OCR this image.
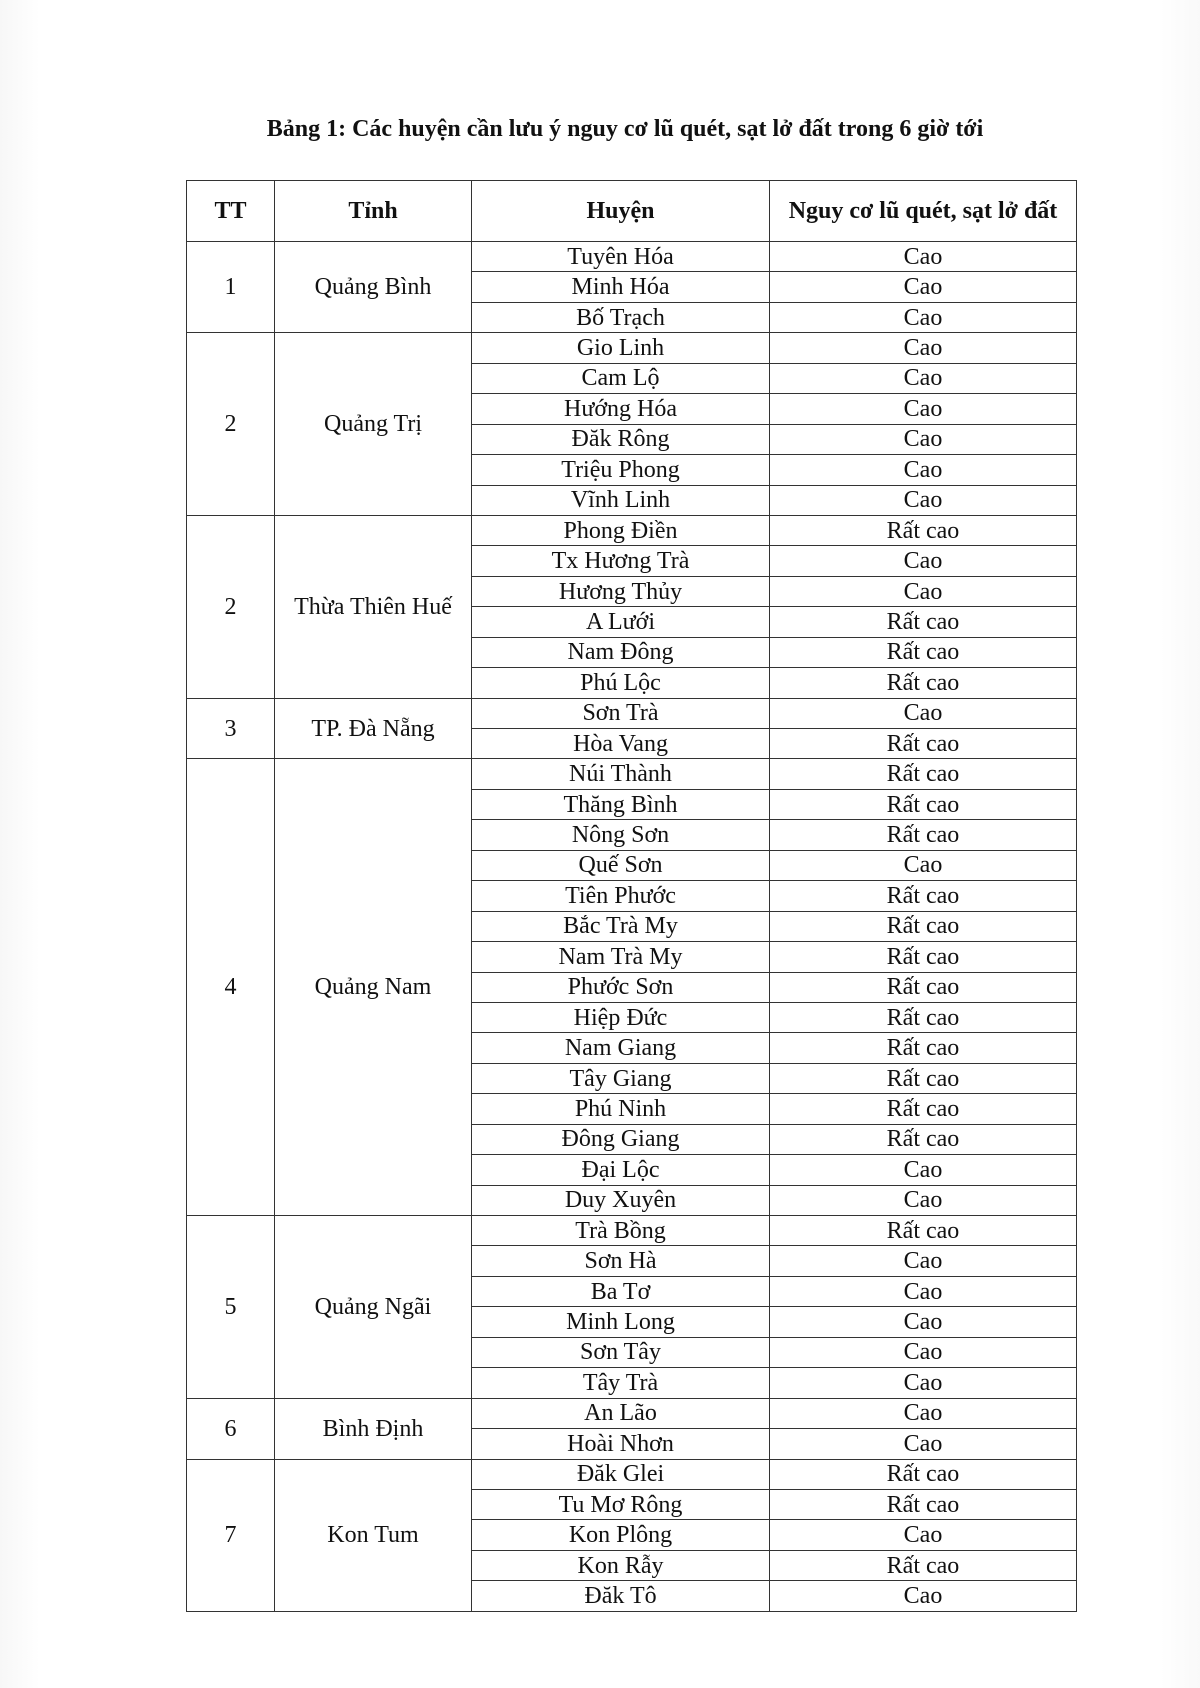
Bảng 1: Các huyện cần lưu ý nguy cơ lũ quét, sạt lở đất trong 6 giờ tới
TT	Tỉnh	Huyện	Nguy cơ lũ quét, sạt lở đất
1	Quảng Bình	Tuyên Hóa	Cao
		Minh Hóa	Cao
		Bố Trạch	Cao
2	Quảng Trị	Gio Linh	Cao
		Cam Lộ	Cao
		Hướng Hóa	Cao
		Đăk Rông	Cao
		Triệu Phong	Cao
		Vĩnh Linh	Cao
2	Thừa Thiên Huế	Phong Điền	Rất cao
		Tx Hương Trà	Cao
		Hương Thủy	Cao
		A Lưới	Rất cao
		Nam Đông	Rất cao
		Phú Lộc	Rất cao
3	TP. Đà Nẵng	Sơn Trà	Cao
		Hòa Vang	Rất cao
4	Quảng Nam	Núi Thành	Rất cao
		Thăng Bình	Rất cao
		Nông Sơn	Rất cao
		Quế Sơn	Cao
		Tiên Phước	Rất cao
		Bắc Trà My	Rất cao
		Nam Trà My	Rất cao
		Phước Sơn	Rất cao
		Hiệp Đức	Rất cao
		Nam Giang	Rất cao
		Tây Giang	Rất cao
		Phú Ninh	Rất cao
		Đông Giang	Rất cao
		Đại Lộc	Cao
		Duy Xuyên	Cao
5	Quảng Ngãi	Trà Bồng	Rất cao
		Sơn Hà	Cao
		Ba Tơ	Cao
		Minh Long	Cao
		Sơn Tây	Cao
		Tây Trà	Cao
6	Bình Định	An Lão	Cao
		Hoài Nhơn	Cao
7	Kon Tum	Đăk Glei	Rất cao
		Tu Mơ Rông	Rất cao
		Kon Plông	Cao
		Kon Rẫy	Rất cao
		Đăk Tô	Cao
